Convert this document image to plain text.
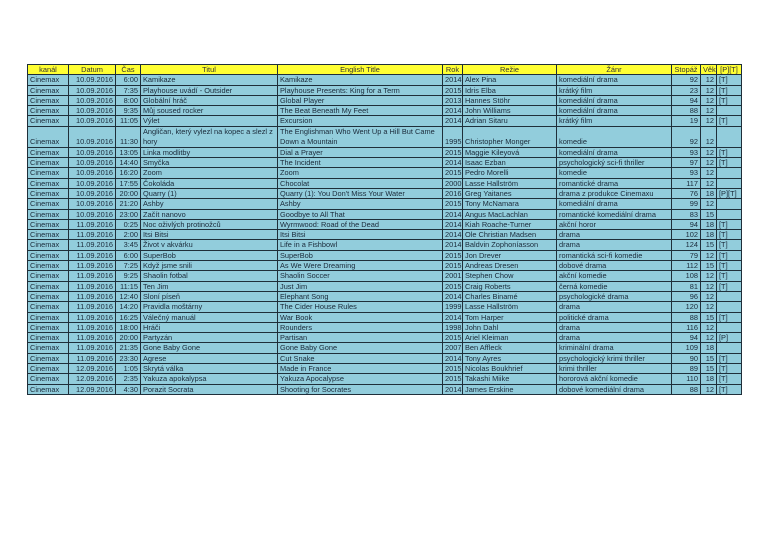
kanál	Datum	Čas	Titul	English Title	Rok	Režie	Žánr	Stopáž	Věk	[P][T]
Cinemax	10.09.2016	6:00	Kamikaze	Kamikaze	2014	Alex Pina	komediální drama	92	12	[T]
Cinemax	10.09.2016	7:35	Playhouse uvádí - Outsider	Playhouse Presents: King for a Term	2015	Idris Elba	krátký film	23	12	[T]
Cinemax	10.09.2016	8:00	Globální hráč	Global Player	2013	Hannes Stöhr	komediální drama	94	12	[T]
Cinemax	10.09.2016	9:35	Můj soused rocker	The Beat Beneath My Feet	2014	John Williams	komediální drama	88	12	
Cinemax	10.09.2016	11:05	Výlet	Excursion	2014	Adrian Sitaru	krátký film	19	12	[T]
Cinemax	10.09.2016	11:30	Angličan, který vylezl na kopec a slezl z hory	The Englishman Who Went Up a Hill But Came Down a Mountain	1995	Christopher Monger	komedie	92	12	
Cinemax	10.09.2016	13:05	Linka modlitby	Dial a Prayer	2015	Maggie Kileyová	komediální drama	93	12	[T]
Cinemax	10.09.2016	14:40	Smyčka	The Incident	2014	Isaac Ezban	psychologický sci-fi thriller	97	12	[T]
Cinemax	10.09.2016	16:20	Zoom	Zoom	2015	Pedro Morelli	komedie	93	12	
Cinemax	10.09.2016	17:55	Čokoláda	Chocolat	2000	Lasse Hallström	romantické drama	117	12	
Cinemax	10.09.2016	20:00	Quarry (1)	Quarry (1): You Don't Miss Your Water	2016	Greg Yaitanes	drama z produkce Cinemaxu	76	18	[P][T]
Cinemax	10.09.2016	21:20	Ashby	Ashby	2015	Tony McNamara	komediální drama	99	12	
Cinemax	10.09.2016	23:00	Začít nanovo	Goodbye to All That	2014	Angus MacLachlan	romantické komediální drama	83	15	
Cinemax	11.09.2016	0:25	Noc oživlých protinožců	Wyrmwood: Road of the Dead	2014	Kiah Roache-Turner	akční horor	94	18	[T]
Cinemax	11.09.2016	2:00	Itsi Bitsi	Itsi Bitsi	2014	Ole Christian Madsen	drama	102	18	[T]
Cinemax	11.09.2016	3:45	Život v akvárku	Life in a Fishbowl	2014	Baldvin Zophoníasson	drama	124	15	[T]
Cinemax	11.09.2016	6:00	SuperBob	SuperBob	2015	Jon Drever	romantická sci-fi komedie	79	12	[T]
Cinemax	11.09.2016	7:25	Když jsme snili	As We Were Dreaming	2015	Andreas Dresen	dobové drama	112	15	[T]
Cinemax	11.09.2016	9:25	Shaolin fotbal	Shaolin Soccer	2001	Stephen Chow	akční komedie	108	12	[T]
Cinemax	11.09.2016	11:15	Ten Jim	Just Jim	2015	Craig Roberts	černá komedie	81	12	[T]
Cinemax	11.09.2016	12:40	Sloní píseň	Elephant Song	2014	Charles Binamé	psychologické drama	96	12	
Cinemax	11.09.2016	14:20	Pravidla moštárny	The Cider House Rules	1999	Lasse Hallström	drama	120	12	
Cinemax	11.09.2016	16:25	Válečný manuál	War Book	2014	Tom Harper	politické drama	88	15	[T]
Cinemax	11.09.2016	18:00	Hráči	Rounders	1998	John Dahl	drama	116	12	
Cinemax	11.09.2016	20:00	Partyzán	Partisan	2015	Ariel Kleiman	drama	94	12	[P]
Cinemax	11.09.2016	21:35	Gone Baby Gone	Gone Baby Gone	2007	Ben Affleck	kriminální drama	109	18	
Cinemax	11.09.2016	23:30	Agrese	Cut Snake	2014	Tony Ayres	psychologický krimi thriller	90	15	[T]
Cinemax	12.09.2016	1:05	Skrytá válka	Made in France	2015	Nicolas Boukhrief	krimi thriller	89	15	[T]
Cinemax	12.09.2016	2:35	Yakuza apokalypsa	Yakuza Apocalypse	2015	Takashi Miike	hororová akční komedie	110	18	[T]
Cinemax	12.09.2016	4:30	Porazit Socrata	Shooting for Socrates	2014	James Erskine	dobové komediální drama	88	12	[T]
